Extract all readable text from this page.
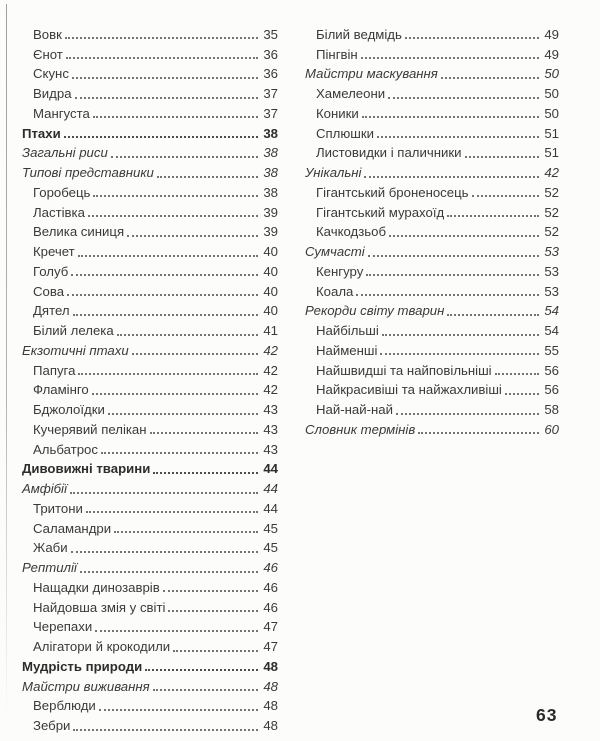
Вовк	35
Єнот	36
Скунс	36
Видра	37
Мангуста	37
Птахи	38
Загальні риси	38
Типові представники	38
Горобець	38
Ластівка	39
Велика синиця	39
Кречет	40
Голуб	40
Сова	40
Дятел	40
Білий лелека	41
Екзотичні птахи	42
Папуга	42
Фламінго	42
Бджолоїдки	43
Кучерявий пелікан	43
Альбатрос	43
Дивовижні тварини	44
Амфібії	44
Тритони	44
Саламандри	45
Жаби	45
Рептилії	46
Нащадки динозаврів	46
Найдовша змія у світі	46
Черепахи	47
Алігатори й крокодили	47
Мудрість природи	48
Майстри виживання	48
Верблюди	48
Зебри	48
Білий ведмідь	49
Пінгвін	49
Майстри маскування	50
Хамелеони	50
Коники	50
Сплюшки	51
Листовидки і паличники	51
Унікальні	42
Гігантський броненосець	52
Гігантський мурахоїд	52
Качкодзьоб	52
Сумчасті	53
Кенгуру	53
Коала	53
Рекорди світу тварин	54
Найбільші	54
Найменші	55
Найшвидші та найповільніші	56
Найкрасивіші та найжахливіші	56
Най-най-най	58
Словник термінів	60
63
